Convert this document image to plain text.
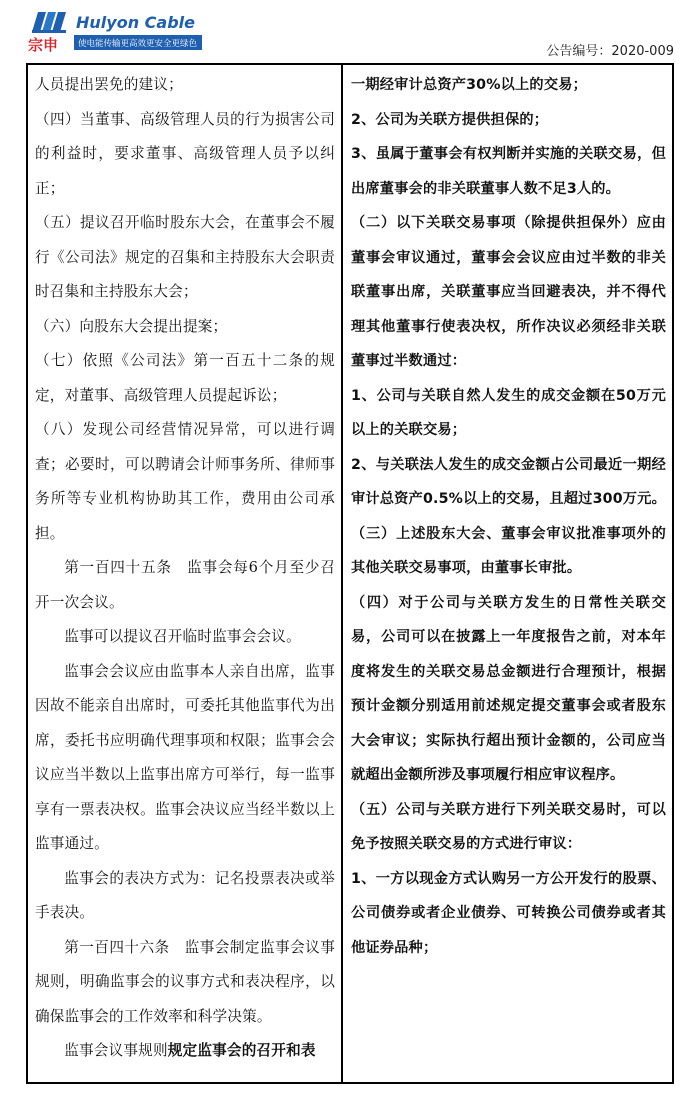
宗申
Hulyon Cable
使电能传输更高效更安全更绿色	公告编号：2020-009

人员提出罢免的建议；

（四）当董事、高级管理人员的行为损害公司的利益时，要求董事、高级管理人员予以纠正；

（五）提议召开临时股东大会，在董事会不履行《公司法》规定的召集和主持股东大会职责时召集和主持股东大会；

（六）向股东大会提出提案；

（七）依照《公司法》第一百五十二条的规定，对董事、高级管理人员提起诉讼；

（八）发现公司经营情况异常，可以进行调查；必要时，可以聘请会计师事务所、律师事务所等专业机构协助其工作，费用由公司承担。

第一百四十五条　监事会每6个月至少召开一次会议。

监事可以提议召开临时监事会会议。

监事会会议应由监事本人亲自出席，监事因故不能亲自出席时，可委托其他监事代为出席，委托书应明确代理事项和权限；监事会会议应当半数以上监事出席方可举行，每一监事享有一票表决权。监事会决议应当经半数以上监事通过。

监事会的表决方式为：记名投票表决或举手表决。

第一百四十六条　监事会制定监事会议事规则，明确监事会的议事方式和表决程序，以确保监事会的工作效率和科学决策。

监事会议事规则规定监事会的召开和表

一期经审计总资产30%以上的交易；

2、公司为关联方提供担保的；

3、虽属于董事会有权判断并实施的关联交易，但出席董事会的非关联董事人数不足3人的。

（二）以下关联交易事项（除提供担保外）应由董事会审议通过，董事会会议应由过半数的非关联董事出席，关联董事应当回避表决，并不得代理其他董事行使表决权，所作决议必须经非关联董事过半数通过：

1、公司与关联自然人发生的成交金额在50万元以上的关联交易；

2、与关联法人发生的成交金额占公司最近一期经审计总资产0.5%以上的交易，且超过300万元。

（三）上述股东大会、董事会审议批准事项外的其他关联交易事项，由董事长审批。

（四）对于公司与关联方发生的日常性关联交易，公司可以在披露上一年度报告之前，对本年度将发生的关联交易总金额进行合理预计，根据预计金额分别适用前述规定提交董事会或者股东大会审议；实际执行超出预计金额的，公司应当就超出金额所涉及事项履行相应审议程序。

（五）公司与关联方进行下列关联交易时，可以免予按照关联交易的方式进行审议：

1、一方以现金方式认购另一方公开发行的股票、公司债券或者企业债券、可转换公司债券或者其他证券品种；
